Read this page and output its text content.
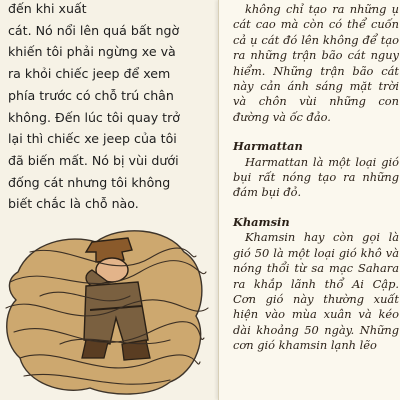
đến khi xuất
cát. Nó nổi lên quá bất ngờ
khiến tôi phải ngừng xe và
ra khỏi chiếc jeep để xem
phía trước có chỗ trú chân
không. Đến lúc tôi quay trở
lại thì chiếc xe jeep của tôi
đã biến mất. Nó bị vùi dưới
đống cát nhưng tôi không
biết chắc là chỗ nào.

không chỉ tạo ra những ụ cát cao mà còn có thể cuốn cả ụ cát đó lên không để tạo ra những trận bão cát nguy hiểm. Những trận bão cát này cản ánh sáng mặt trời và chôn vùi những con đường và ốc đảo.

Harmattan

Harmattan là một loại gió bụi rất nóng tạo ra những đám bụi đỏ.

Khamsin

Khamsin hay còn gọi là gió 50 là một loại gió khô và nóng thổi từ sa mạc Sahara ra khắp lãnh thổ Ai Cập. Cơn gió này thường xuất hiện vào mùa xuân và kéo dài khoảng 50 ngày. Những cơn gió khamsin lạnh lẽo
